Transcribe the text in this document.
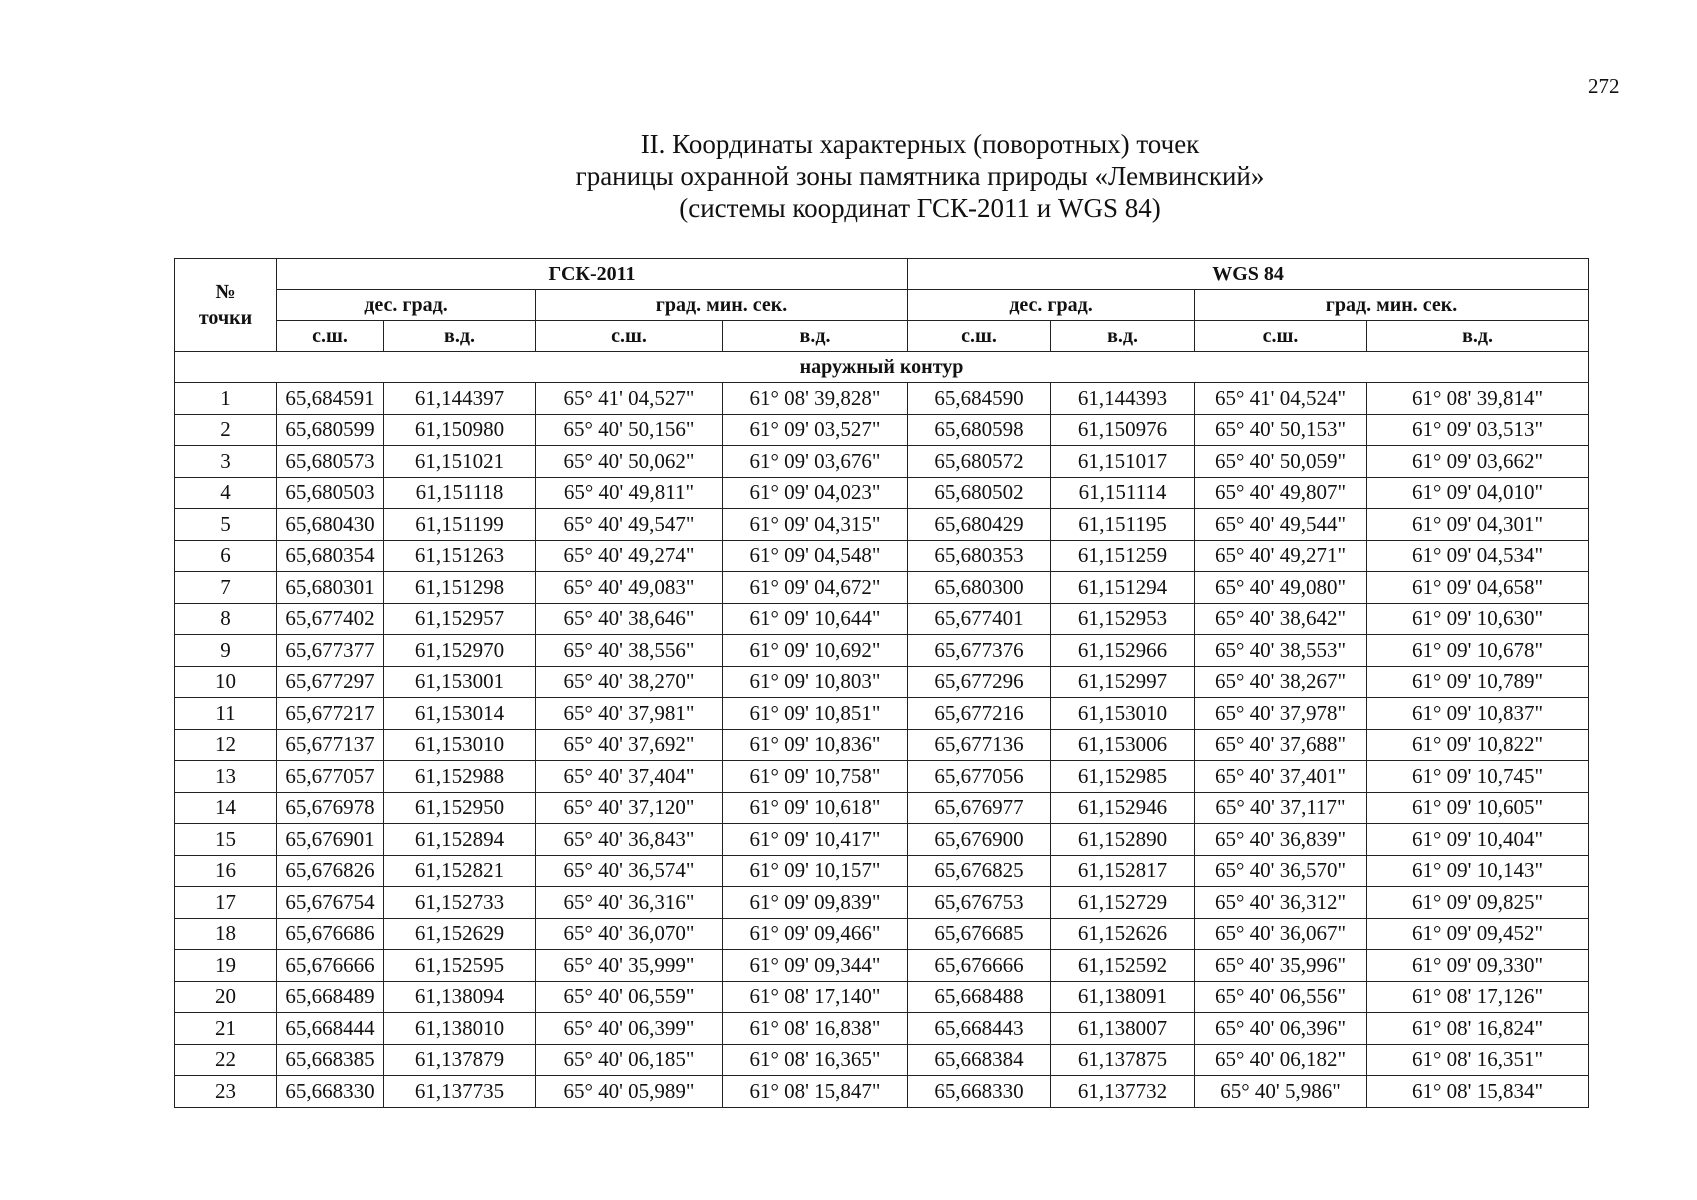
272
II. Координаты характерных (поворотных) точек
границы охранной зоны памятника природы «Лемвинский»
(системы координат ГСК-2011 и WGS 84)
№ точки	ГСК-2011				WGS 84			
	дес. град.		град. мин. сек.		дес. град.		град. мин. сек.	
	с.ш.	в.д.	с.ш.	в.д.	с.ш.	в.д.	с.ш.	в.д.
наружный контур								
1	65,684591	61,144397	65° 41' 04,527"	61° 08' 39,828"	65,684590	61,144393	65° 41' 04,524"	61° 08' 39,814"
2	65,680599	61,150980	65° 40' 50,156"	61° 09' 03,527"	65,680598	61,150976	65° 40' 50,153"	61° 09' 03,513"
3	65,680573	61,151021	65° 40' 50,062"	61° 09' 03,676"	65,680572	61,151017	65° 40' 50,059"	61° 09' 03,662"
4	65,680503	61,151118	65° 40' 49,811"	61° 09' 04,023"	65,680502	61,151114	65° 40' 49,807"	61° 09' 04,010"
5	65,680430	61,151199	65° 40' 49,547"	61° 09' 04,315"	65,680429	61,151195	65° 40' 49,544"	61° 09' 04,301"
6	65,680354	61,151263	65° 40' 49,274"	61° 09' 04,548"	65,680353	61,151259	65° 40' 49,271"	61° 09' 04,534"
7	65,680301	61,151298	65° 40' 49,083"	61° 09' 04,672"	65,680300	61,151294	65° 40' 49,080"	61° 09' 04,658"
8	65,677402	61,152957	65° 40' 38,646"	61° 09' 10,644"	65,677401	61,152953	65° 40' 38,642"	61° 09' 10,630"
9	65,677377	61,152970	65° 40' 38,556"	61° 09' 10,692"	65,677376	61,152966	65° 40' 38,553"	61° 09' 10,678"
10	65,677297	61,153001	65° 40' 38,270"	61° 09' 10,803"	65,677296	61,152997	65° 40' 38,267"	61° 09' 10,789"
11	65,677217	61,153014	65° 40' 37,981"	61° 09' 10,851"	65,677216	61,153010	65° 40' 37,978"	61° 09' 10,837"
12	65,677137	61,153010	65° 40' 37,692"	61° 09' 10,836"	65,677136	61,153006	65° 40' 37,688"	61° 09' 10,822"
13	65,677057	61,152988	65° 40' 37,404"	61° 09' 10,758"	65,677056	61,152985	65° 40' 37,401"	61° 09' 10,745"
14	65,676978	61,152950	65° 40' 37,120"	61° 09' 10,618"	65,676977	61,152946	65° 40' 37,117"	61° 09' 10,605"
15	65,676901	61,152894	65° 40' 36,843"	61° 09' 10,417"	65,676900	61,152890	65° 40' 36,839"	61° 09' 10,404"
16	65,676826	61,152821	65° 40' 36,574"	61° 09' 10,157"	65,676825	61,152817	65° 40' 36,570"	61° 09' 10,143"
17	65,676754	61,152733	65° 40' 36,316"	61° 09' 09,839"	65,676753	61,152729	65° 40' 36,312"	61° 09' 09,825"
18	65,676686	61,152629	65° 40' 36,070"	61° 09' 09,466"	65,676685	61,152626	65° 40' 36,067"	61° 09' 09,452"
19	65,676666	61,152595	65° 40' 35,999"	61° 09' 09,344"	65,676666	61,152592	65° 40' 35,996"	61° 09' 09,330"
20	65,668489	61,138094	65° 40' 06,559"	61° 08' 17,140"	65,668488	61,138091	65° 40' 06,556"	61° 08' 17,126"
21	65,668444	61,138010	65° 40' 06,399"	61° 08' 16,838"	65,668443	61,138007	65° 40' 06,396"	61° 08' 16,824"
22	65,668385	61,137879	65° 40' 06,185"	61° 08' 16,365"	65,668384	61,137875	65° 40' 06,182"	61° 08' 16,351"
23	65,668330	61,137735	65° 40' 05,989"	61° 08' 15,847"	65,668330	61,137732	65° 40' 5,986"	61° 08' 15,834"
